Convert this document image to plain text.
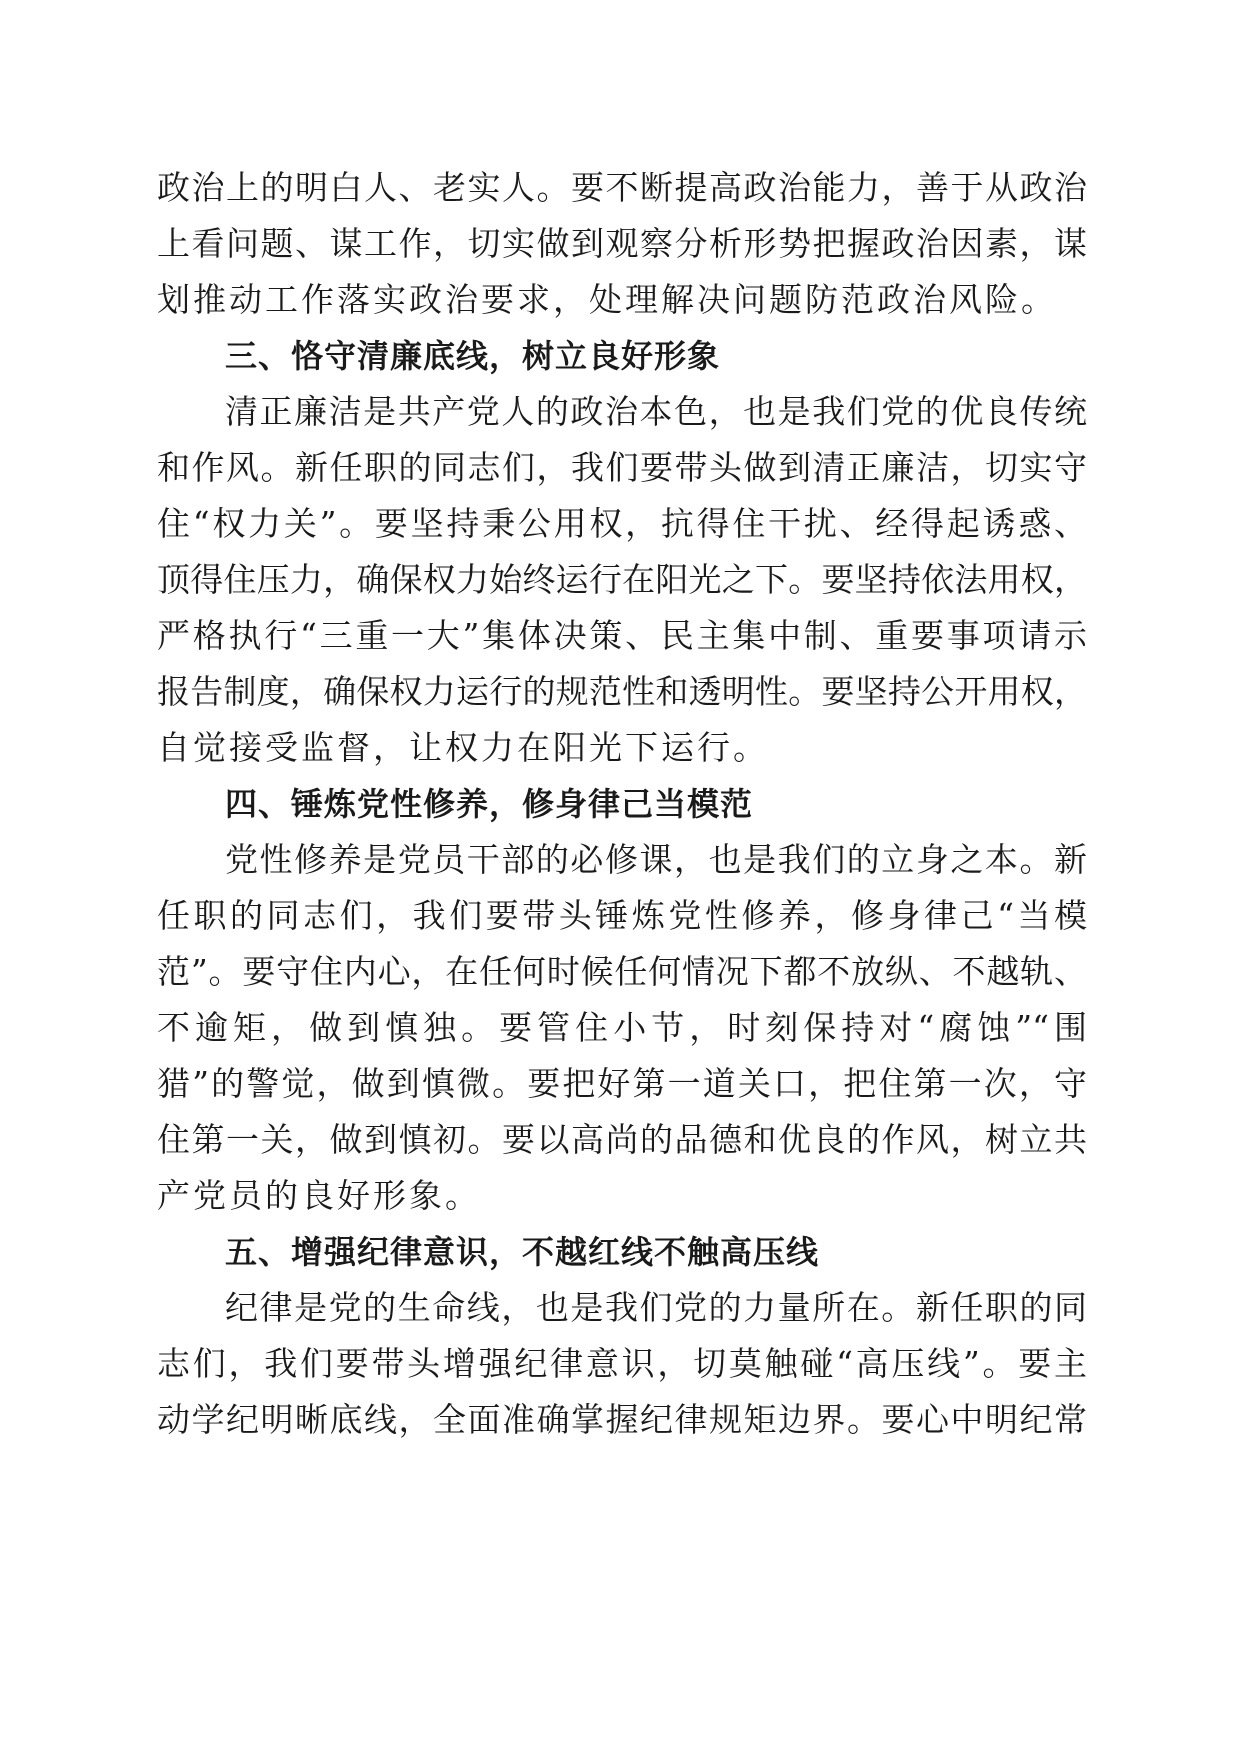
政治上的明白人、老实人。要不断提高政治能力，善于从政治
上看问题、谋工作，切实做到观察分析形势把握政治因素，谋
划推动工作落实政治要求，处理解决问题防范政治风险。
三、恪守清廉底线，树立良好形象
清正廉洁是共产党人的政治本色，也是我们党的优良传统
和作风。新任职的同志们，我们要带头做到清正廉洁，切实守
住“权力关”。要坚持秉公用权，抗得住干扰、经得起诱惑、
顶得住压力，确保权力始终运行在阳光之下。要坚持依法用权，
严格执行“三重一大”集体决策、民主集中制、重要事项请示
报告制度，确保权力运行的规范性和透明性。要坚持公开用权，
自觉接受监督，让权力在阳光下运行。
四、锤炼党性修养，修身律己当模范
党性修养是党员干部的必修课，也是我们的立身之本。新
任职的同志们，我们要带头锤炼党性修养，修身律己“当模
范”。要守住内心，在任何时候任何情况下都不放纵、不越轨、
不逾矩，做到慎独。要管住小节，时刻保持对“腐蚀”“围
猎”的警觉，做到慎微。要把好第一道关口，把住第一次，守
住第一关，做到慎初。要以高尚的品德和优良的作风，树立共
产党员的良好形象。
五、增强纪律意识，不越红线不触高压线
纪律是党的生命线，也是我们党的力量所在。新任职的同
志们，我们要带头增强纪律意识，切莫触碰“高压线”。要主
动学纪明晰底线，全面准确掌握纪律规矩边界。要心中明纪常
